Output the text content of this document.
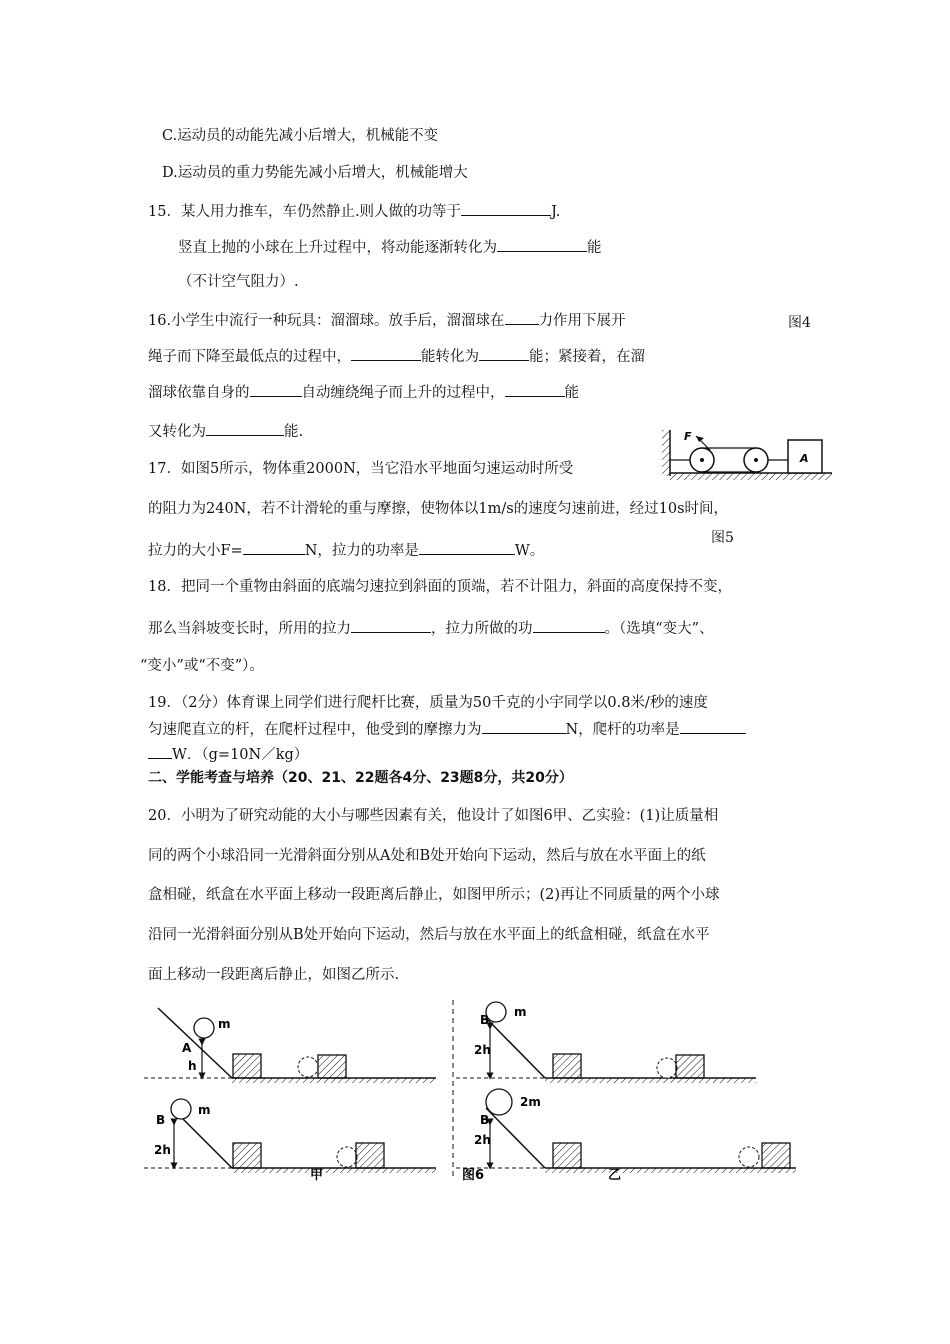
C.运动员的动能先减小后增大，机械能不变
D.运动员的重力势能先减小后增大，机械能增大
15．某人用力推车，车仍然静止.则人做的功等于	J.
竖直上抛的小球在上升过程中，将动能逐渐转化为	能
（不计空气阻力）.
16.小学生中流行一种玩具：溜溜球。放手后，溜溜球在 力作用下展开	图4
绳子而下降至最低点的过程中，	能转化为	能；紧接着，在溜
溜球依靠自身的	自动缠绕绳子而上升的过程中，	能
又转化为	能.	F
A
17．如图5所示，物体重2000N，当它沿水平地面匀速运动时所受
的阻力为240N，若不计滑轮的重与摩擦，使物体以1m/s的速度匀速前进，经过10s时间，
图5
拉力的大小F=	N，拉力的功率是	W。
18．把同一个重物由斜面的底端匀速拉到斜面的顶端，若不计阻力，斜面的高度保持不变，
那么当斜坡变长时，所用的拉力	，拉力所做的功	。（选填“变大”、
“变小”或“不变”）。
19．（2分）体育课上同学们进行爬杆比赛，质量为50千克的小宇同学以0.8米/秒的速度
匀速爬直立的杆，在爬杆过程中，他受到的摩擦力为	N，爬杆的功率是
W．（g=10N／kg）
二、学能考查与培养（20、21、22题各4分、23题8分，共20分）
20．小明为了研究动能的大小与哪些因素有关，他设计了如图6甲、乙实验：(1)让质量相
同的两个小球沿同一光滑斜面分别从A处和B处开始向下运动，然后与放在水平面上的纸
盒相碰，纸盒在水平面上移动一段距离后静止，如图甲所示；(2)再让不同质量的两个小球
沿同一光滑斜面分别从B处开始向下运动，然后与放在水平面上的纸盒相碰，纸盒在水平
面上移动一段距离后静止，如图乙所示.
A
m
h
B
m
2h
甲
B
m
2h
B
2m
2h
乙
图6
